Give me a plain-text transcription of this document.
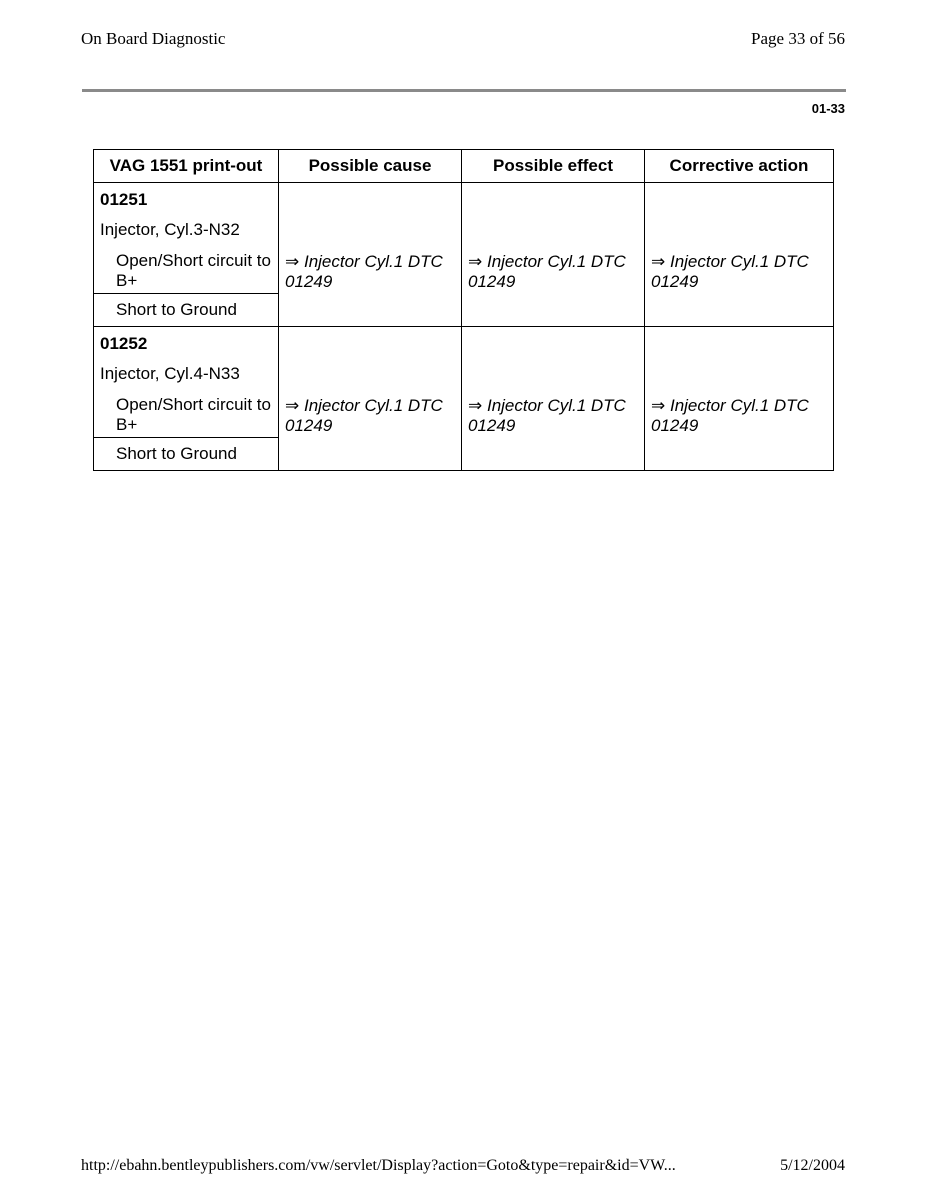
On Board Diagnostic	Page 33 of 56
01-33
VAG 1551 print-out	Possible cause	Possible effect	Corrective action

01251
Injector, Cyl.3-N32
Open/Short circuit to B+
Short to Ground	⇒ Injector Cyl.1 DTC 01249	⇒ Injector Cyl.1 DTC 01249	⇒ Injector Cyl.1 DTC 01249

01252
Injector, Cyl.4-N33
Open/Short circuit to B+
Short to Ground	⇒ Injector Cyl.1 DTC 01249	⇒ Injector Cyl.1 DTC 01249	⇒ Injector Cyl.1 DTC 01249
http://ebahn.bentleypublishers.com/vw/servlet/Display?action=Goto&type=repair&id=VW...	5/12/2004
